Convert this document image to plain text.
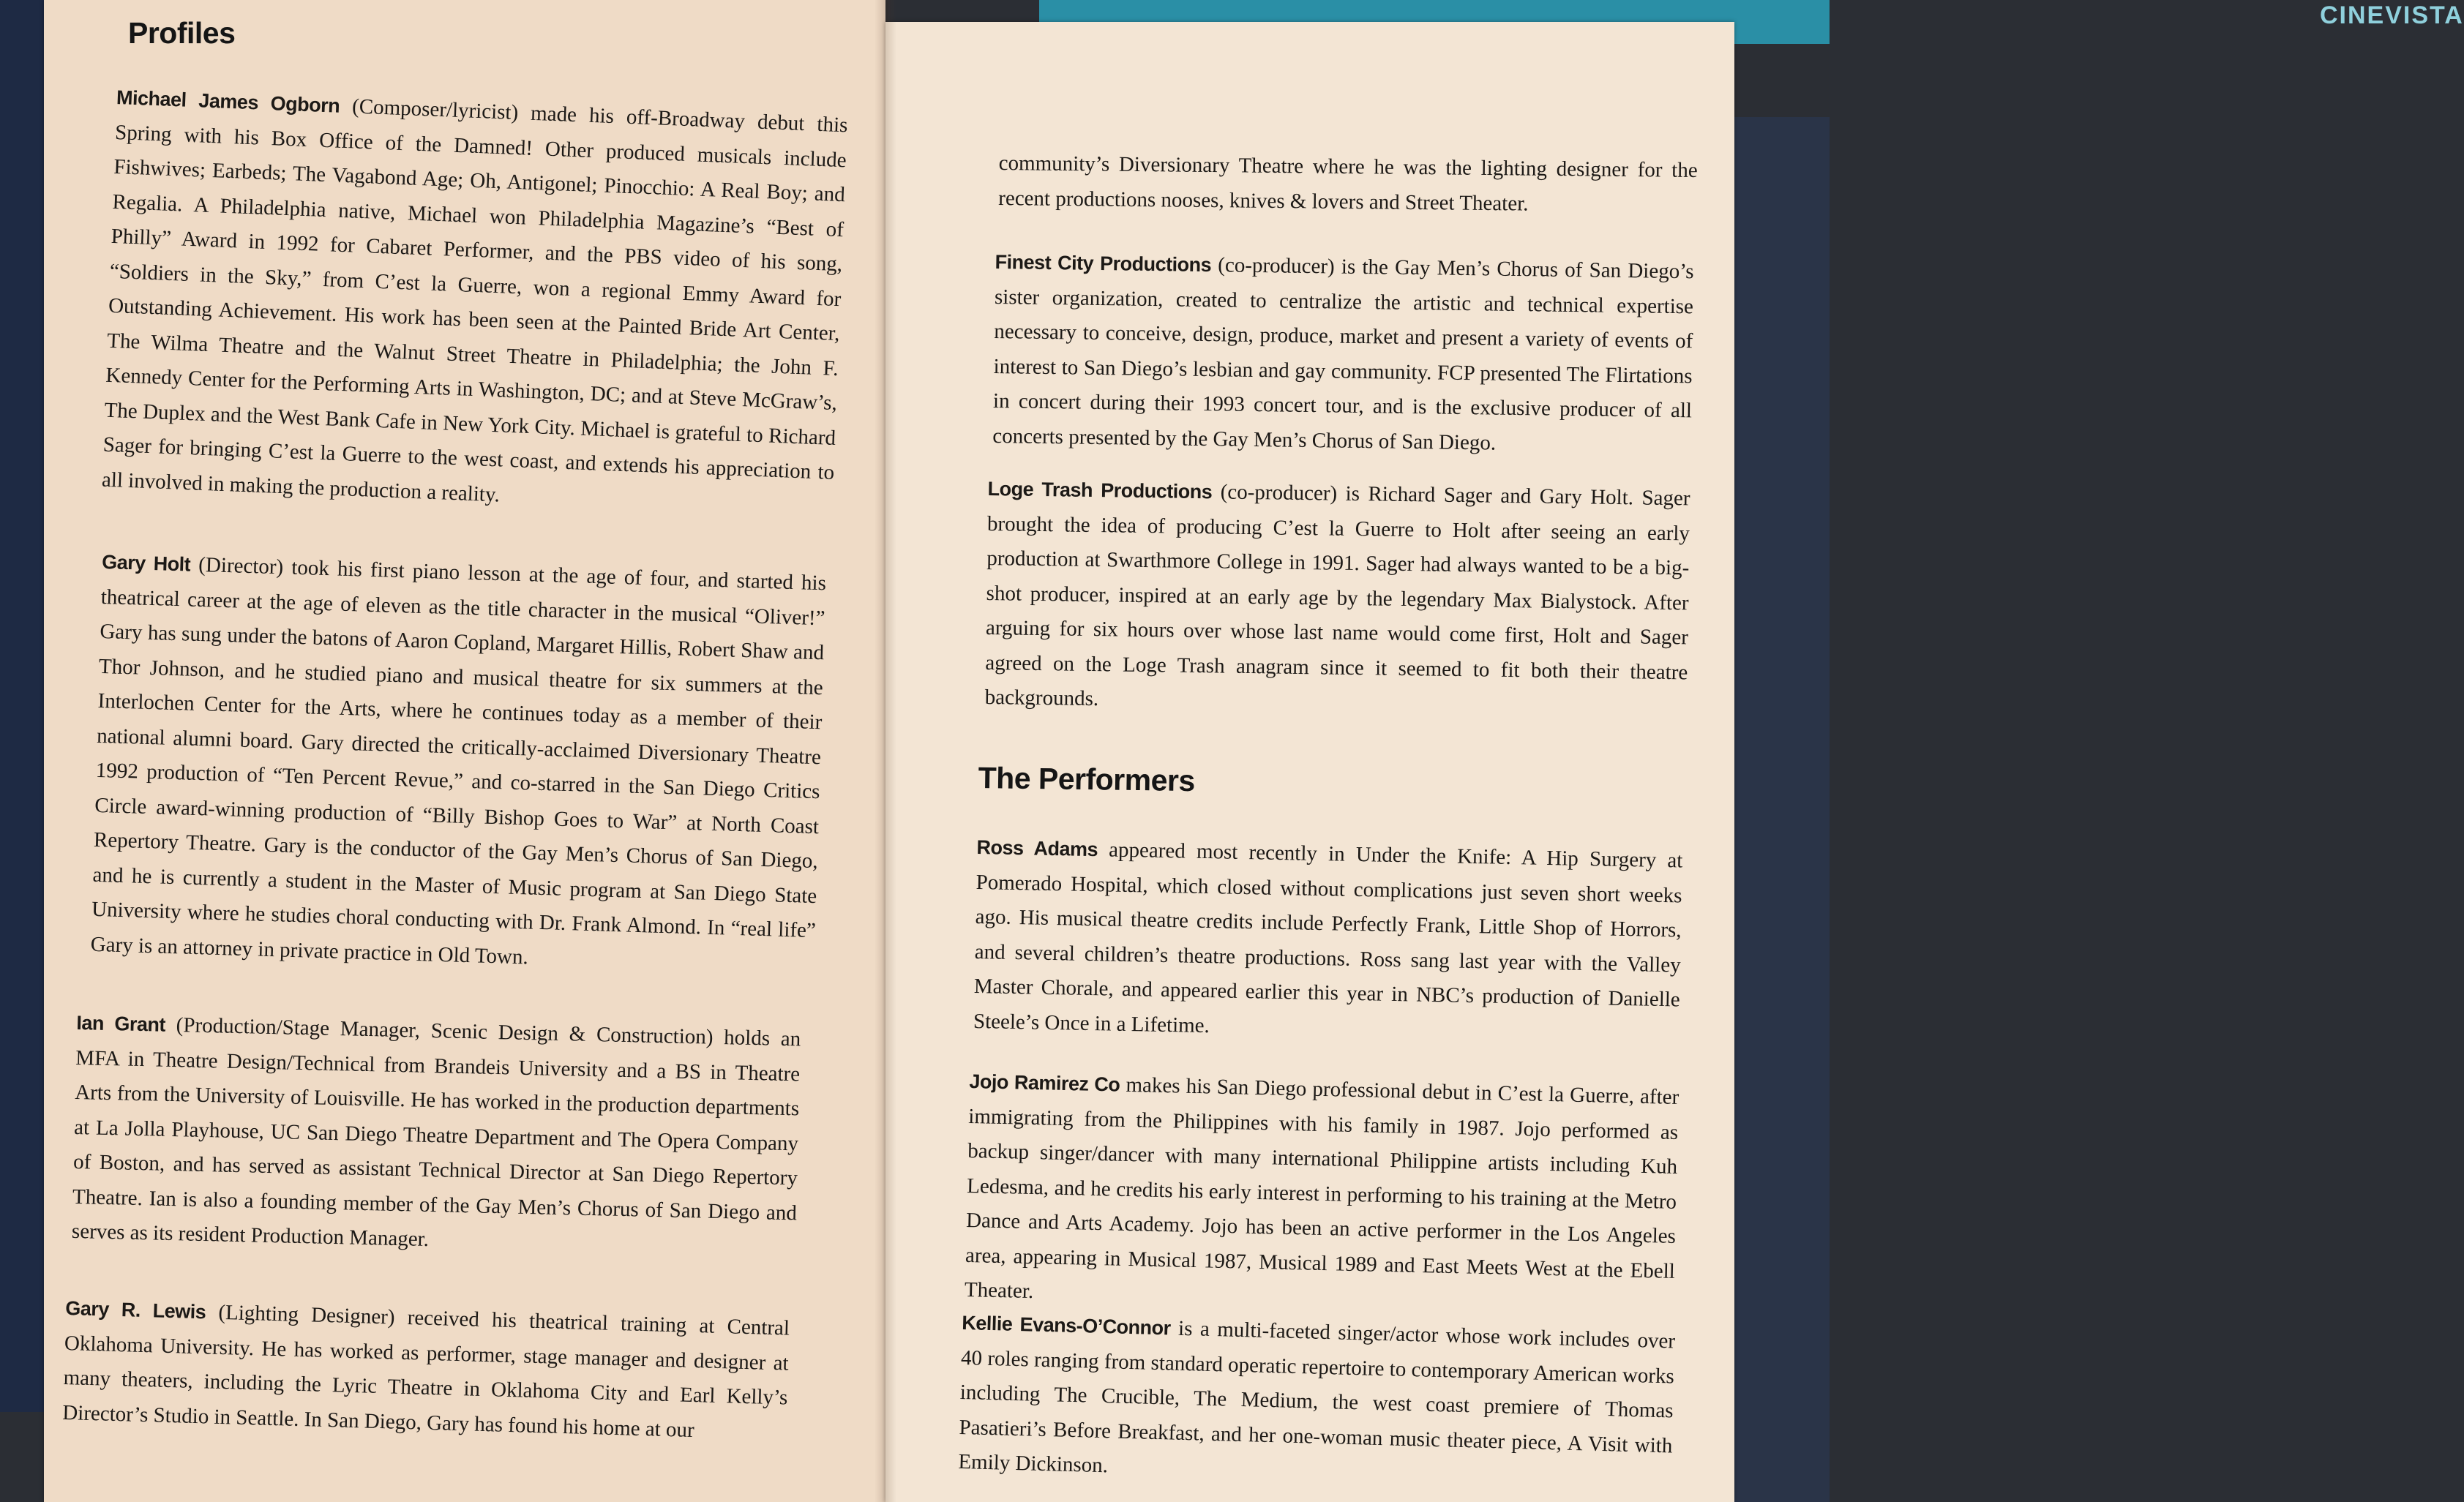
CINEVISTA
Profiles

Michael James Ogborn (Composer/lyricist) made his off-Broadway debut this Spring with his Box Office of the Damned! Other produced musicals include Fishwives; Earbeds; The Vagabond Age; Oh, Antigonel; Pinocchio: A Real Boy; and Regalia. A Philadelphia native, Michael won Philadelphia Magazine’s “Best of Philly” Award in 1992 for Cabaret Performer, and the PBS video of his song, “Soldiers in the Sky,” from C’est la Guerre, won a regional Emmy Award for Outstanding Achievement. His work has been seen at the Painted Bride Art Center, The Wilma Theatre and the Walnut Street Theatre in Philadelphia; the John F. Kennedy Center for the Performing Arts in Washington, DC; and at Steve McGraw’s, The Duplex and the West Bank Cafe in New York City. Michael is grateful to Richard Sager for bringing C’est la Guerre to the west coast, and extends his appreciation to all involved in making the production a reality.

Gary Holt (Director) took his first piano lesson at the age of four, and started his theatrical career at the age of eleven as the title character in the musical “Oliver!” Gary has sung under the batons of Aaron Copland, Margaret Hillis, Robert Shaw and Thor Johnson, and he studied piano and musical theatre for six summers at the Interlochen Center for the Arts, where he continues today as a member of their national alumni board. Gary directed the critically-acclaimed Diversionary Theatre 1992 production of “Ten Percent Revue,” and co-starred in the San Diego Critics Circle award-winning production of “Billy Bishop Goes to War” at North Coast Repertory Theatre. Gary is the conductor of the Gay Men’s Chorus of San Diego, and he is currently a student in the Master of Music program at San Diego State University where he studies choral conducting with Dr. Frank Almond. In “real life” Gary is an attorney in private practice in Old Town.

Ian Grant (Production/Stage Manager, Scenic Design & Construction) holds an MFA in Theatre Design/Technical from Brandeis University and a BS in Theatre Arts from the University of Louisville. He has worked in the production departments at La Jolla Playhouse, UC San Diego Theatre Department and The Opera Company of Boston, and has served as assistant Technical Director at San Diego Repertory Theatre. Ian is also a founding member of the Gay Men’s Chorus of San Diego and serves as its resident Production Manager.

Gary R. Lewis (Lighting Designer) received his theatrical training at Central Oklahoma University. He has worked as performer, stage manager and designer at many theaters, including the Lyric Theatre in Oklahoma City and Earl Kelly’s Director’s Studio in Seattle. In San Diego, Gary has found his home at our

community’s Diversionary Theatre where he was the lighting designer for the recent productions nooses, knives & lovers and Street Theater.

Finest City Productions (co-producer) is the Gay Men’s Chorus of San Diego’s sister organization, created to centralize the artistic and technical expertise necessary to conceive, design, produce, market and present a variety of events of interest to San Diego’s lesbian and gay community. FCP presented The Flirtations in concert during their 1993 concert tour, and is the exclusive producer of all concerts presented by the Gay Men’s Chorus of San Diego.

Loge Trash Productions (co-producer) is Richard Sager and Gary Holt. Sager brought the idea of producing C’est la Guerre to Holt after seeing an early production at Swarthmore College in 1991. Sager had always wanted to be a big-shot producer, inspired at an early age by the legendary Max Bialystock. After arguing for six hours over whose last name would come first, Holt and Sager agreed on the Loge Trash anagram since it seemed to fit both their theatre backgrounds.

The Performers

Ross Adams appeared most recently in Under the Knife: A Hip Surgery at Pomerado Hospital, which closed without complications just seven short weeks ago. His musical theatre credits include Perfectly Frank, Little Shop of Horrors, and several children’s theatre productions. Ross sang last year with the Valley Master Chorale, and appeared earlier this year in NBC’s production of Danielle Steele’s Once in a Lifetime.

Jojo Ramirez Co makes his San Diego professional debut in C’est la Guerre, after immigrating from the Philippines with his family in 1987. Jojo performed as backup singer/dancer with many international Philippine artists including Kuh Ledesma, and he credits his early interest in performing to his training at the Metro Dance and Arts Academy. Jojo has been an active performer in the Los Angeles area, appearing in Musical 1987, Musical 1989 and East Meets West at the Ebell Theater.

Kellie Evans-O’Connor is a multi-faceted singer/actor whose work includes over 40 roles ranging from standard operatic repertoire to contemporary American works including The Crucible, The Medium, the west coast premiere of Thomas Pasatieri’s Before Breakfast, and her one-woman music theater piece, A Visit with Emily Dickinson.
